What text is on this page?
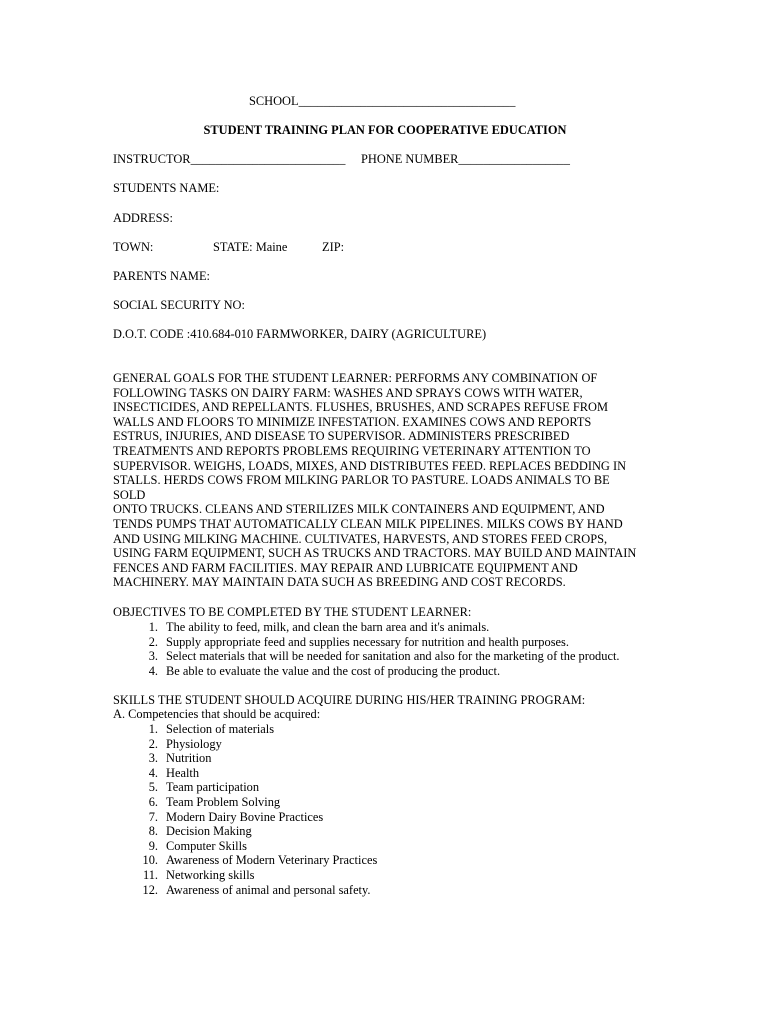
SCHOOL___________________________________
STUDENT TRAINING PLAN FOR COOPERATIVE EDUCATION
INSTRUCTOR_________________________ PHONE NUMBER__________________
STUDENTS NAME:
ADDRESS:
TOWN:	STATE: Maine	ZIP:
PARENTS NAME:
SOCIAL SECURITY NO:
D.O.T. CODE :410.684-010 FARMWORKER, DAIRY (AGRICULTURE)
GENERAL GOALS FOR THE STUDENT LEARNER: PERFORMS ANY COMBINATION OF
FOLLOWING TASKS ON DAIRY FARM: WASHES AND SPRAYS COWS WITH WATER,
INSECTICIDES, AND REPELLANTS. FLUSHES, BRUSHES, AND SCRAPES REFUSE FROM
WALLS AND FLOORS TO MINIMIZE INFESTATION. EXAMINES COWS AND REPORTS
ESTRUS, INJURIES, AND DISEASE TO SUPERVISOR. ADMINISTERS PRESCRIBED
TREATMENTS AND REPORTS PROBLEMS REQUIRING VETERINARY ATTENTION TO
SUPERVISOR. WEIGHS, LOADS, MIXES, AND DISTRIBUTES FEED. REPLACES BEDDING IN
STALLS. HERDS COWS FROM MILKING PARLOR TO PASTURE. LOADS ANIMALS TO BE
SOLD
ONTO TRUCKS. CLEANS AND STERILIZES MILK CONTAINERS AND EQUIPMENT, AND
TENDS PUMPS THAT AUTOMATICALLY CLEAN MILK PIPELINES. MILKS COWS BY HAND
AND USING MILKING MACHINE. CULTIVATES, HARVESTS, AND STORES FEED CROPS,
USING FARM EQUIPMENT, SUCH AS TRUCKS AND TRACTORS. MAY BUILD AND MAINTAIN
FENCES AND FARM FACILITIES. MAY REPAIR AND LUBRICATE EQUIPMENT AND
MACHINERY. MAY MAINTAIN DATA SUCH AS BREEDING AND COST RECORDS.
OBJECTIVES TO BE COMPLETED BY THE STUDENT LEARNER:
1. The ability to feed, milk, and clean the barn area and it's animals.
2. Supply appropriate feed and supplies necessary for nutrition and health purposes.
3. Select materials that will be needed for sanitation and also for the marketing of the product.
4. Be able to evaluate the value and the cost of producing the product.
SKILLS THE STUDENT SHOULD ACQUIRE DURING HIS/HER TRAINING PROGRAM:
A. Competencies that should be acquired:
1. Selection of materials
2. Physiology
3. Nutrition
4. Health
5. Team participation
6. Team Problem Solving
7. Modern Dairy Bovine Practices
8. Decision Making
9. Computer Skills
10. Awareness of Modern Veterinary Practices
11. Networking skills
12. Awareness of animal and personal safety.
